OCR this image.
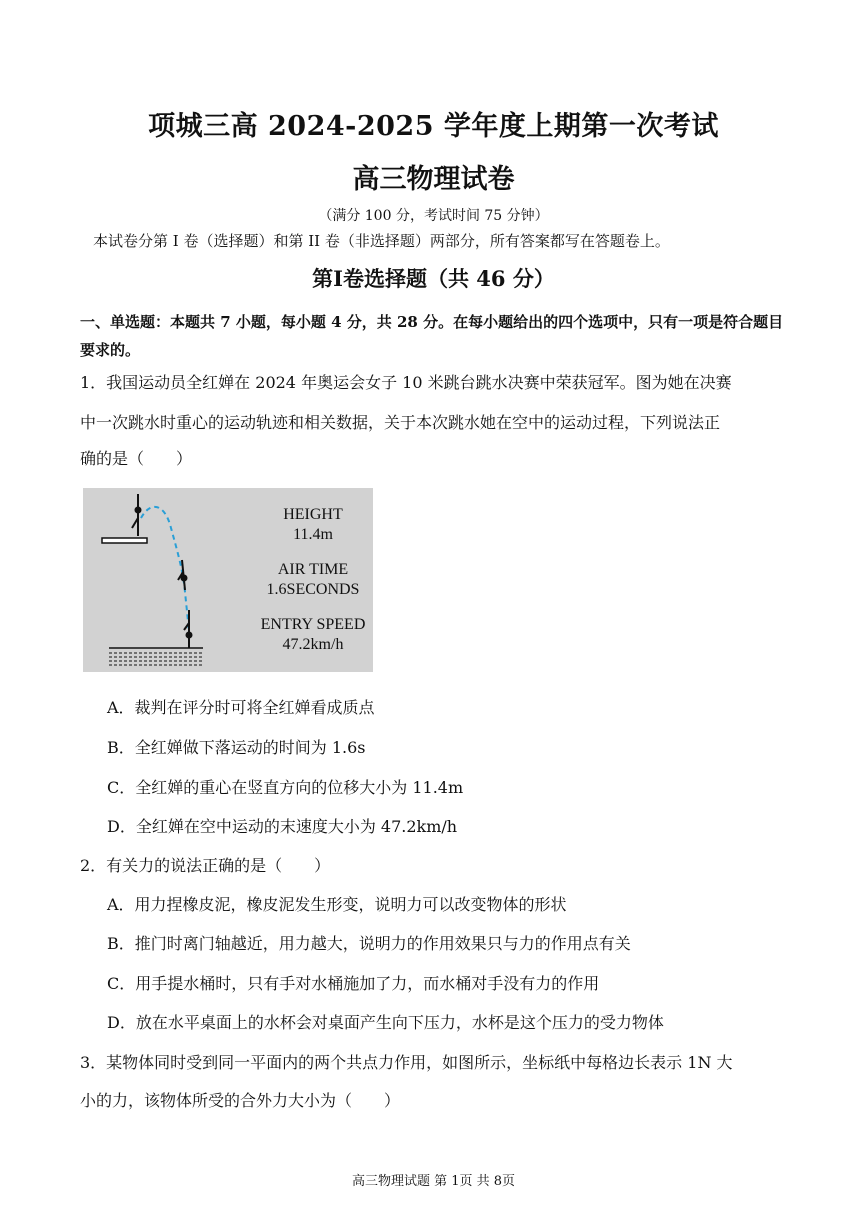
项城三高 2024-2025 学年度上期第一次考试
高三物理试卷
（满分 100 分，考试时间 75 分钟）
本试卷分第 I 卷（选择题）和第 II 卷（非选择题）两部分，所有答案都写在答题卷上。
第Ⅰ卷选择题（共 46 分）
一、单选题：本题共 7 小题，每小题 4 分，共 28 分。在每小题给出的四个选项中，只有一项是符合题目要求的。
1．我国运动员全红婵在 2024 年奥运会女子 10 米跳台跳水决赛中荣获冠军。图为她在决赛
中一次跳水时重心的运动轨迹和相关数据，关于本次跳水她在空中的运动过程，下列说法正
确的是（　　）
HEIGHT
11.4m
AIR TIME
1.6SECONDS
ENTRY SPEED
47.2km/h
A．裁判在评分时可将全红婵看成质点
B．全红婵做下落运动的时间为 1.6s
C．全红婵的重心在竖直方向的位移大小为 11.4m
D．全红婵在空中运动的末速度大小为 47.2km/h
2．有关力的说法正确的是（　　）
A．用力捏橡皮泥，橡皮泥发生形变，说明力可以改变物体的形状
B．推门时离门轴越近，用力越大，说明力的作用效果只与力的作用点有关
C．用手提水桶时，只有手对水桶施加了力，而水桶对手没有力的作用
D．放在水平桌面上的水杯会对桌面产生向下压力，水杯是这个压力的受力物体
3．某物体同时受到同一平面内的两个共点力作用，如图所示，坐标纸中每格边长表示 1N 大
小的力，该物体所受的合外力大小为（　　）
高三物理试题 第 1页 共 8页
